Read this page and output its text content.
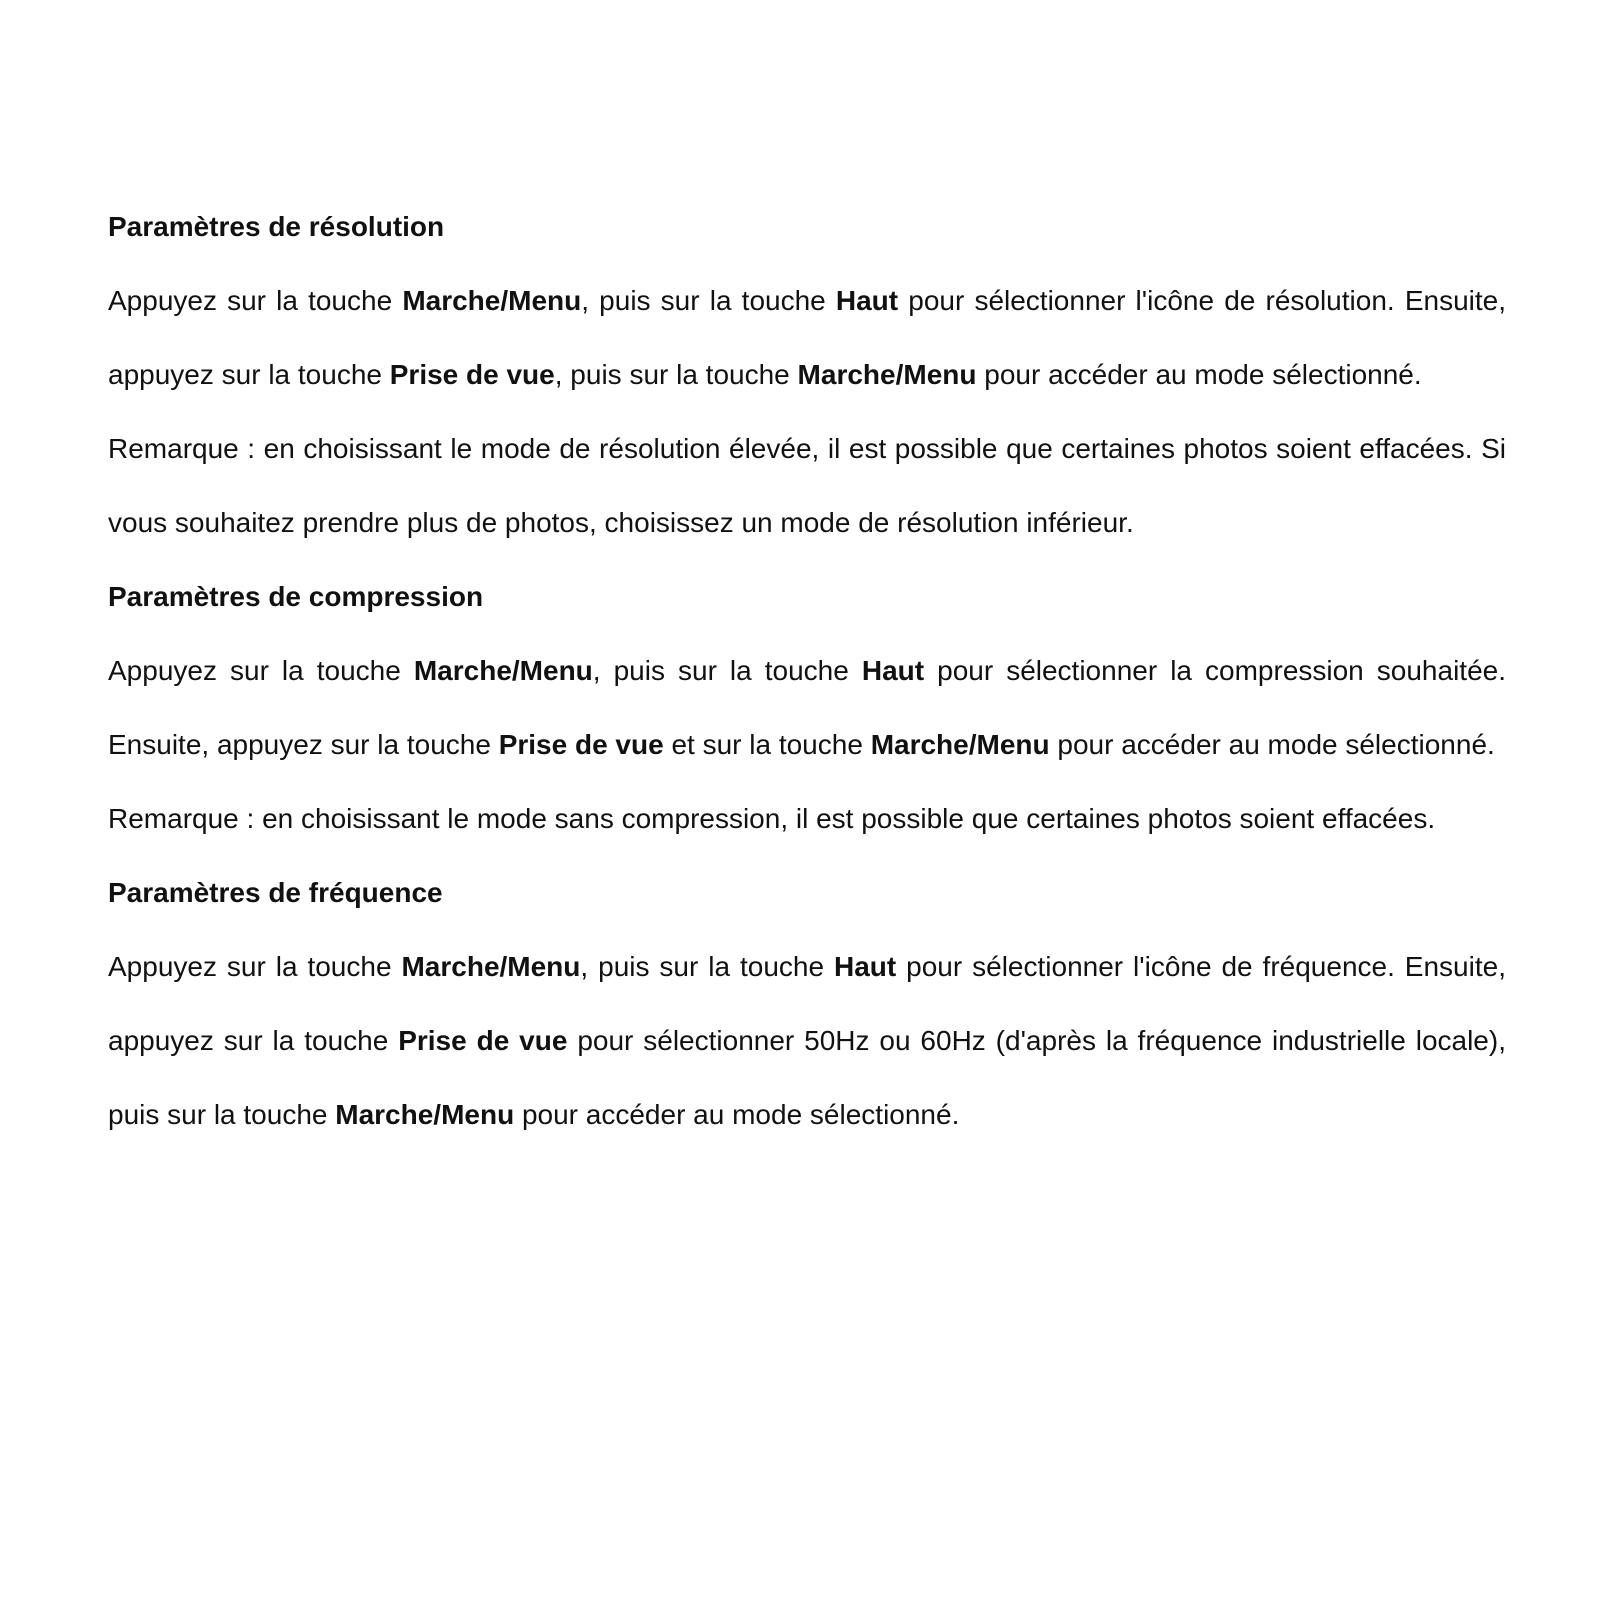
Paramètres de résolution

Appuyez sur la touche Marche/Menu, puis sur la touche Haut pour sélectionner l'icône de résolution. Ensuite, appuyez sur la touche Prise de vue, puis sur la touche Marche/Menu pour accéder au mode sélectionné.

Remarque : en choisissant le mode de résolution élevée, il est possible que certaines photos soient effacées. Si vous souhaitez prendre plus de photos, choisissez un mode de résolution inférieur.

Paramètres de compression

Appuyez sur la touche Marche/Menu, puis sur la touche Haut pour sélectionner la compression souhaitée. Ensuite, appuyez sur la touche Prise de vue et sur la touche Marche/Menu pour accéder au mode sélectionné.

Remarque : en choisissant le mode sans compression, il est possible que certaines photos soient effacées.

Paramètres de fréquence

Appuyez sur la touche Marche/Menu, puis sur la touche Haut pour sélectionner l'icône de fréquence. Ensuite, appuyez sur la touche Prise de vue pour sélectionner 50Hz ou 60Hz (d'après la fréquence industrielle locale), puis sur la touche Marche/Menu pour accéder au mode sélectionné.
